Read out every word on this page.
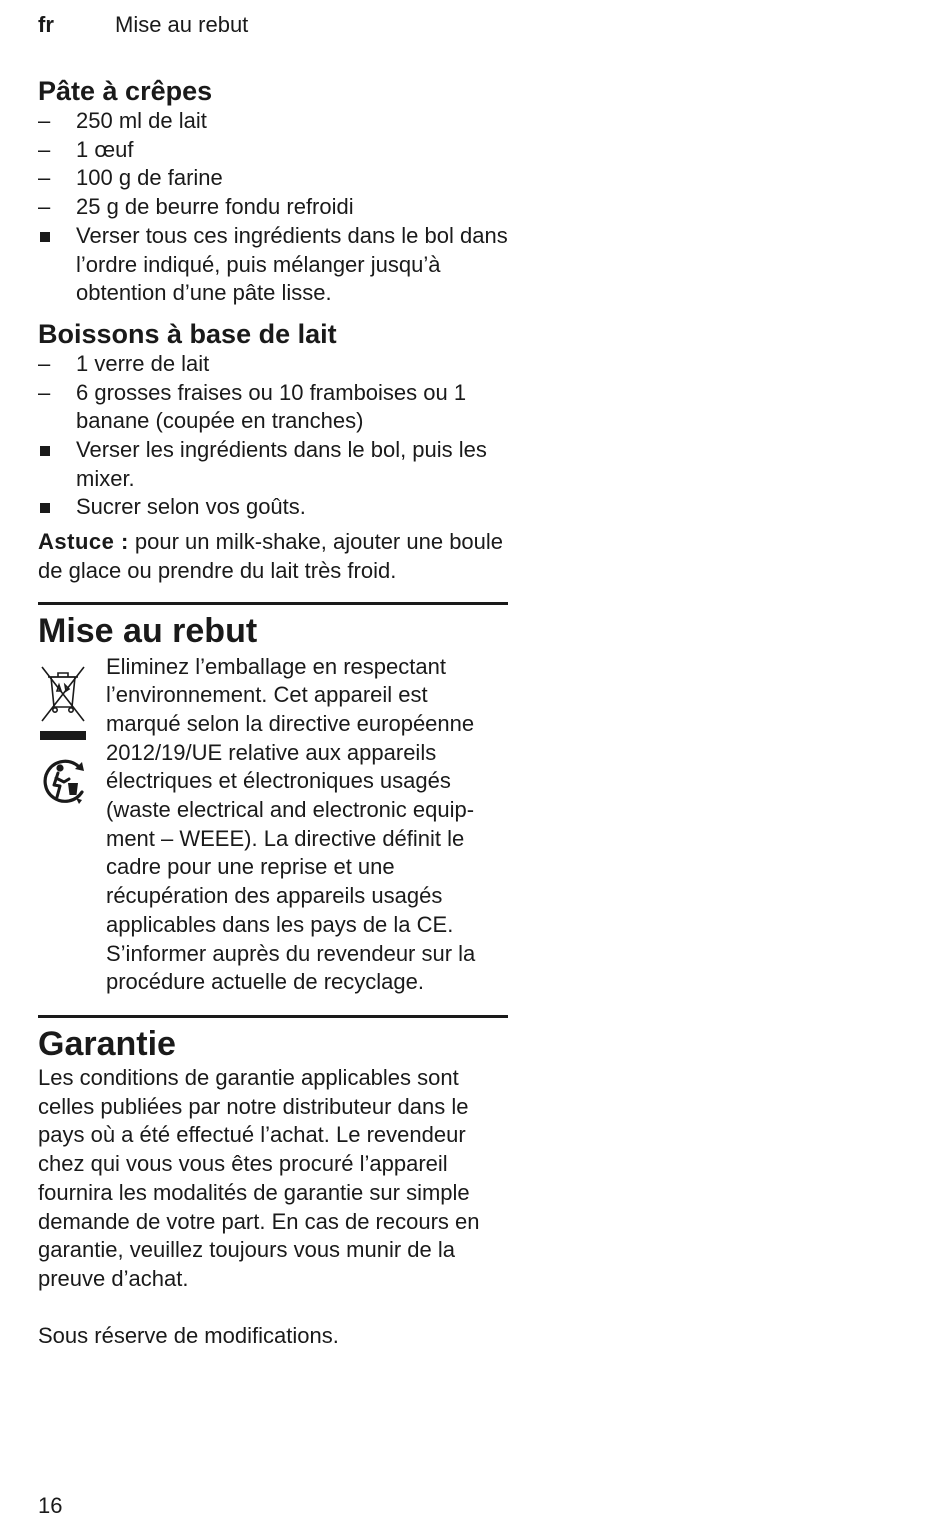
fr	Mise au rebut
Pâte à crêpes
–
250 ml de lait
–
1 œuf
–
100 g de farine
–
25 g de beurre fondu refroidi
Verser tous ces ingrédients dans le bol dans l’ordre indiqué, puis mélanger jusqu’à obtention d’une pâte lisse.
Boissons à base de lait
–
1 verre de lait
–
6 grosses fraises ou 10 framboises ou 1 banane (coupée en tranches)
Verser les ingrédients dans le bol, puis les mixer.
Sucrer selon vos goûts.
Astuce : pour un milk-shake, ajouter une boule de glace ou prendre du lait très froid.
Mise au rebut

Eliminez l’emballage en respectant l’environnement. Cet appareil est marqué selon la directive européenne 2012/19/UE relative aux appareils électriques et électroniques usagés (waste electrical and electronic equip-ment – WEEE). La directive définit le cadre pour une reprise et une récupération des appareils usagés applicables dans les pays de la CE. S’informer auprès du revendeur sur la procédure actuelle de recyclage.

Garantie

Les conditions de garantie applicables sont celles publiées par notre distributeur dans le pays où a été effectué l’achat. Le revendeur chez qui vous vous êtes procuré l’appareil fournira les modalités de garantie sur simple demande de votre part. En cas de recours en garantie, veuillez toujours vous munir de la preuve d’achat.

Sous réserve de modifications.

16
